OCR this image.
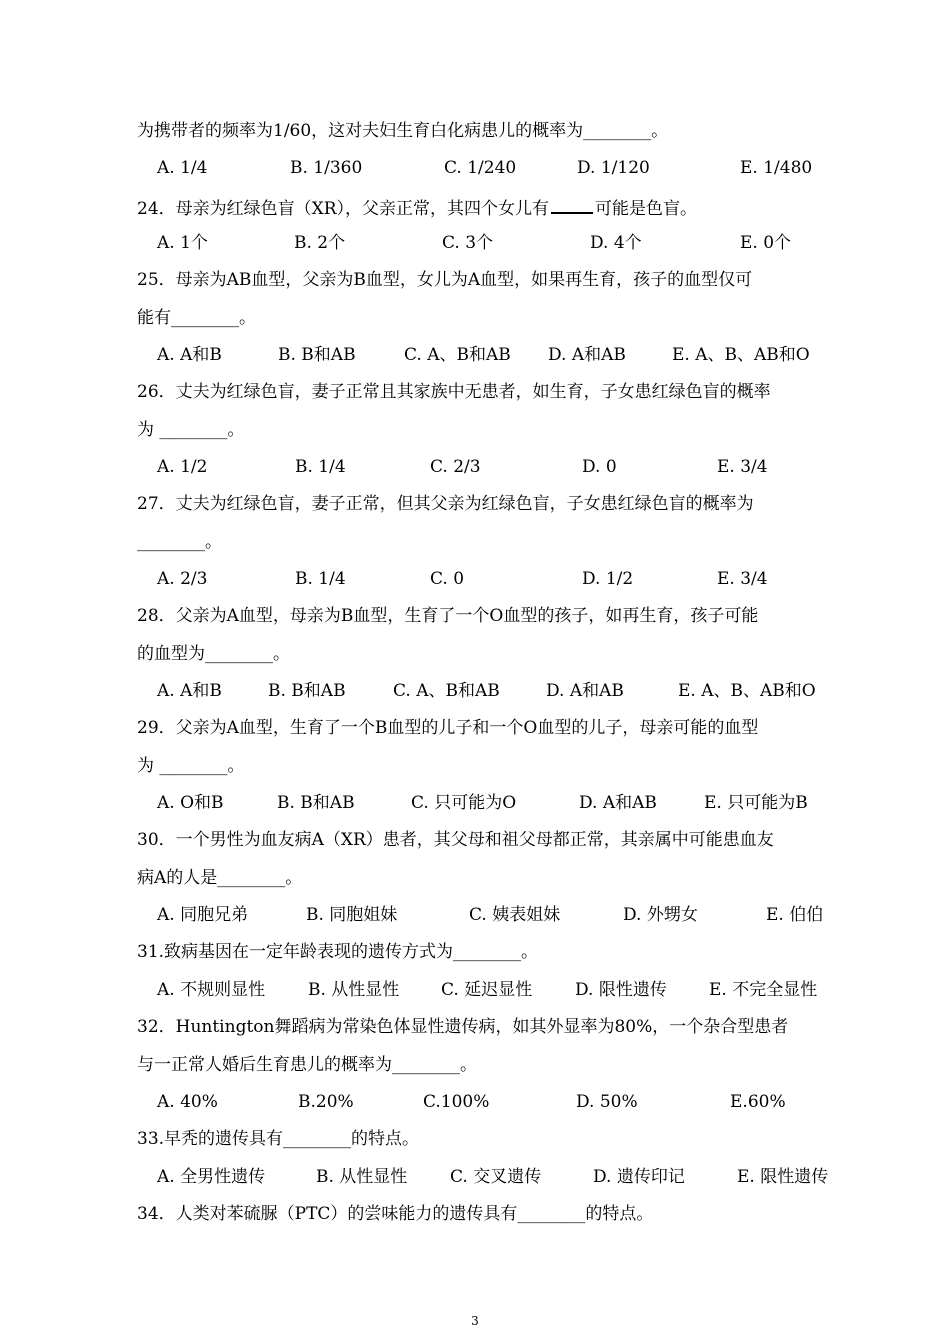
为携带者的频率为1/60，这对夫妇生育白化病患儿的概率为________。
A. 1/4	B. 1/360	C. 1/240	D. 1/120	E. 1/480
24．母亲为红绿色盲（XR），父亲正常，其四个女儿有	可能是色盲。
A. 1个	B. 2个	C. 3个	D. 4个	E. 0个
25．母亲为AB血型，父亲为B血型，女儿为A血型，如果再生育，孩子的血型仅可
能有________。
A. A和B	B. B和AB	C. A、B和AB D. A和AB	E. A、B、AB和O
26．丈夫为红绿色盲，妻子正常且其家族中无患者，如生育，子女患红绿色盲的概率
为 ________。
A. 1/2	B. 1/4	C. 2/3	D. 0	E. 3/4
27．丈夫为红绿色盲，妻子正常，但其父亲为红绿色盲，子女患红绿色盲的概率为
________。
A. 2/3	B. 1/4	C. 0	D. 1/2	E. 3/4
28．父亲为A血型，母亲为B血型，生育了一个O血型的孩子，如再生育，孩子可能
的血型为________。
A. A和B	B. B和AB	C. A、B和AB	D. A和AB	E. A、B、AB和O
29．父亲为A血型，生育了一个B血型的儿子和一个O血型的儿子，母亲可能的血型
为 ________。
A. O和B	B. B和AB	C. 只可能为O	D. A和AB	E. 只可能为B
30．一个男性为血友病A（XR）患者，其父母和祖父母都正常，其亲属中可能患血友
病A的人是________。
A. 同胞兄弟	B. 同胞姐妹	C. 姨表姐妹	D. 外甥女	E. 伯伯
31.致病基因在一定年龄表现的遗传方式为________。
A. 不规则显性	B. 从性显性 C. 延迟显性	D. 限性遗传 E. 不完全显性
32．Huntington舞蹈病为常染色体显性遗传病，如其外显率为80%，一个杂合型患者
与一正常人婚后生育患儿的概率为________。
A. 40%	B.20%	C.100%	D. 50%	E.60%
33.早秃的遗传具有________的特点。
A. 全男性遗传	B. 从性显性	C. 交叉遗传	D. 遗传印记	E. 限性遗传
34．人类对苯硫脲（PTC）的尝味能力的遗传具有________的特点。
3
